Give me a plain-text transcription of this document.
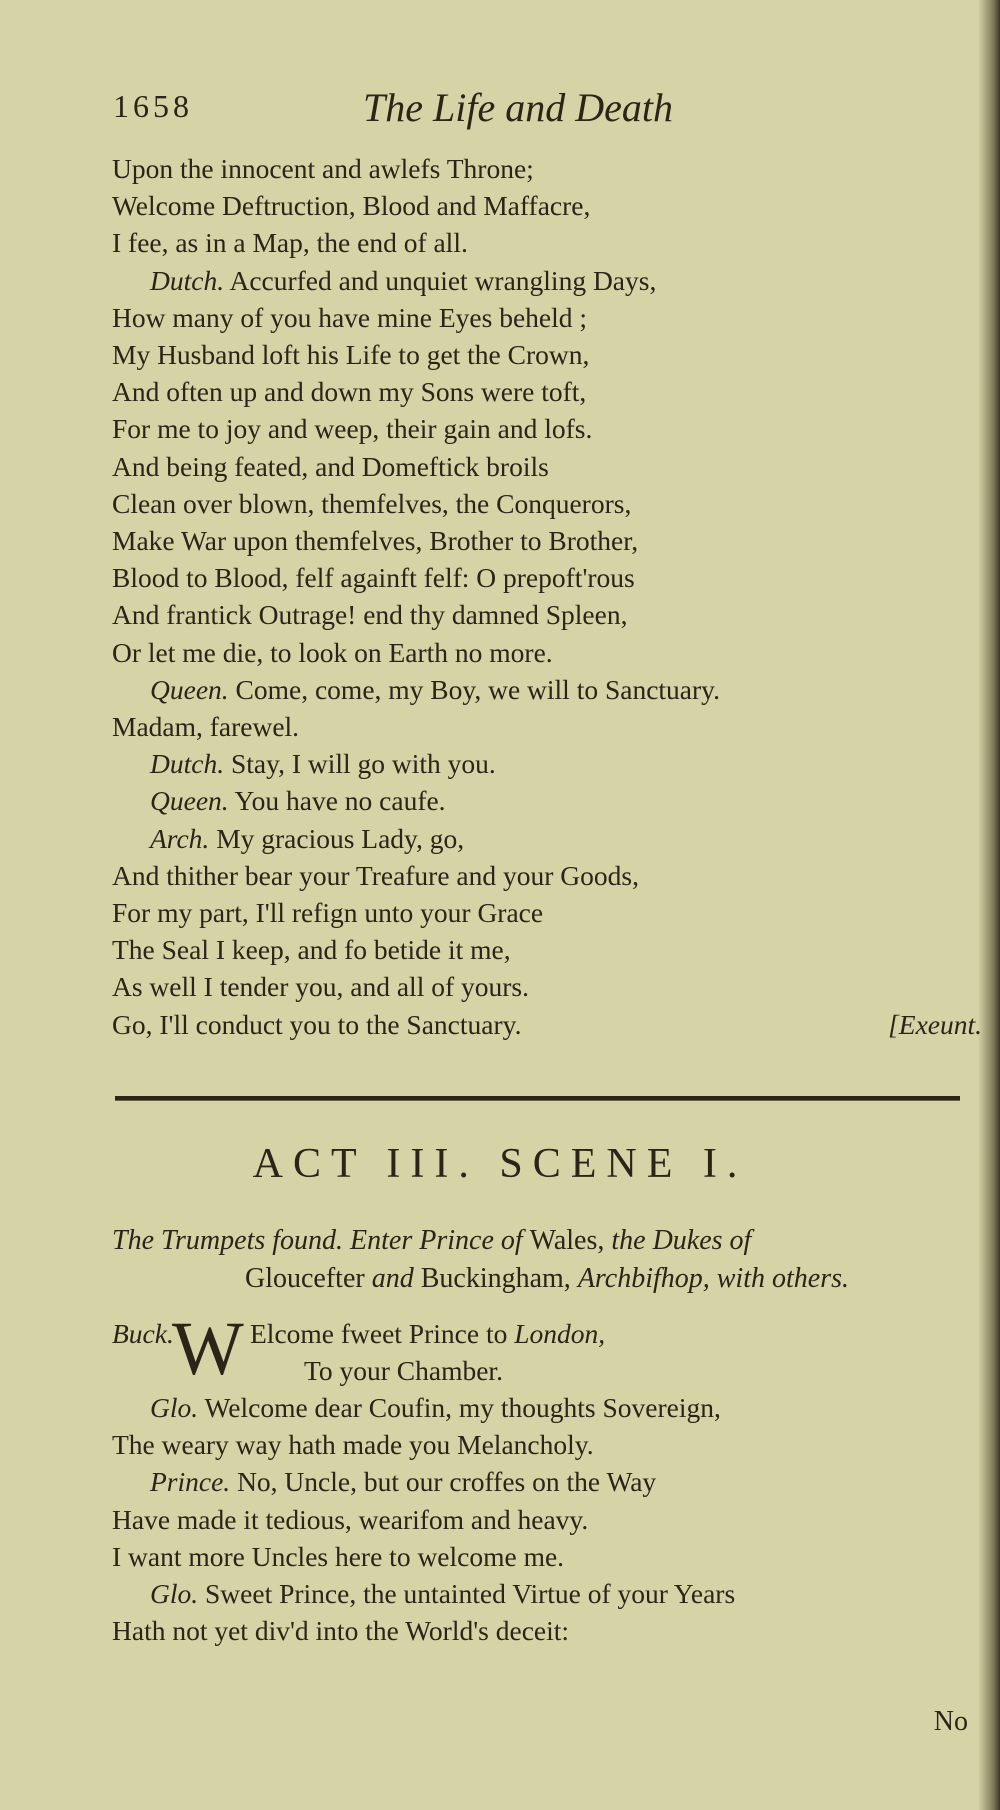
1658	The Life and Death
Upon the innocent and awlefs Throne;
Welcome Deftruction, Blood and Maffacre,
I fee, as in a Map, the end of all.
Dutch. Accurfed and unquiet wrangling Days,
How many of you have mine Eyes beheld ;
My Husband loft his Life to get the Crown,
And often up and down my Sons were toft,
For me to joy and weep, their gain and lofs.
And being feated, and Domeftick broils
Clean over blown, themfelves, the Conquerors,
Make War upon themfelves, Brother to Brother,
Blood to Blood, felf againft felf: O prepoft'rous
And frantick Outrage! end thy damned Spleen,
Or let me die, to look on Earth no more.
Queen. Come, come, my Boy, we will to Sanctuary.
Madam, farewel.
Dutch. Stay, I will go with you.
Queen. You have no caufe.
Arch. My gracious Lady, go,
And thither bear your Treafure and your Goods,
For my part, I'll refign unto your Grace
The Seal I keep, and fo betide it me,
As well I tender you, and all of yours.
Go, I'll conduct you to the Sanctuary.	[Exeunt.
ACT III. SCENE I.
The Trumpets found. Enter Prince of Wales, the Dukes of
Gloucefter and Buckingham, Archbifhop, with others.
Buck.
W Elcome fweet Prince to London,
To your Chamber.
Glo. Welcome dear Coufin, my thoughts Sovereign,
The weary way hath made you Melancholy.
Prince. No, Uncle, but our croffes on the Way
Have made it tedious, wearifom and heavy.
I want more Uncles here to welcome me.
Glo. Sweet Prince, the untainted Virtue of your Years
Hath not yet div'd into the World's deceit:
No
